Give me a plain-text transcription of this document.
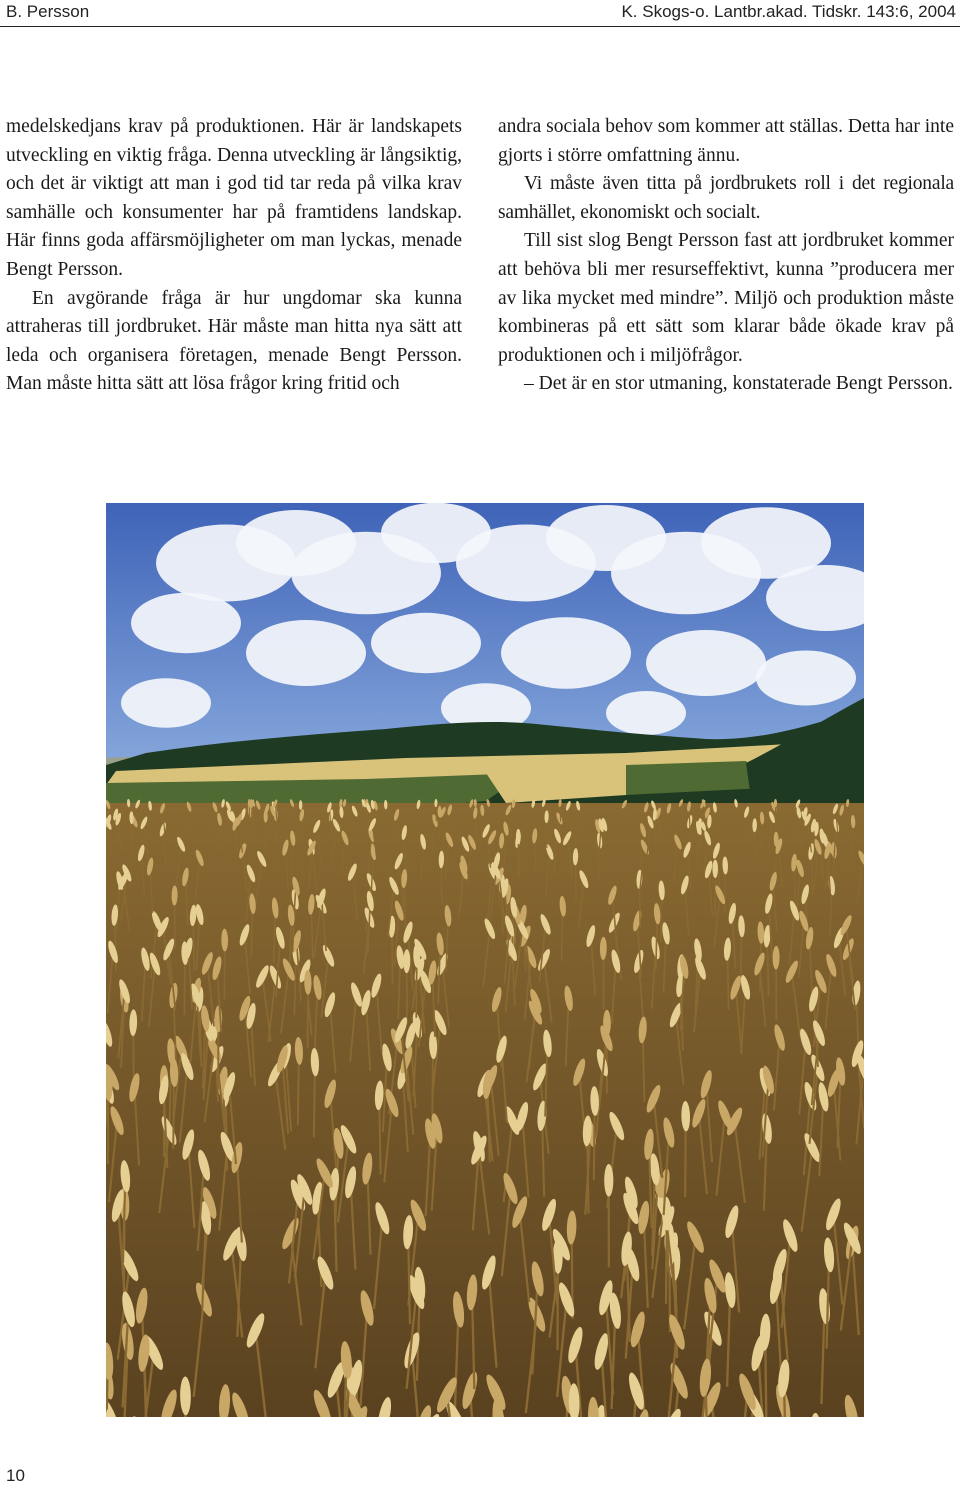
B. Persson	K. Skogs-o. Lantbr.akad. Tidskr. 143:6, 2004

medelskedjans krav på produktionen. Här är landskapets utveckling en viktig fråga. Denna utveckling är långsiktig, och det är viktigt att man i god tid tar reda på vilka krav samhälle och konsumenter har på framtidens landskap. Här finns goda affärsmöjligheter om man lyckas, menade Bengt Persson.

En avgörande fråga är hur ungdomar ska kunna attraheras till jordbruket. Här måste man hitta nya sätt att leda och organisera företagen, menade Bengt Persson. Man måste hitta sätt att lösa frågor kring fritid och

andra sociala behov som kommer att ställas. Detta har inte gjorts i större omfattning ännu.

Vi måste även titta på jordbrukets roll i det regionala samhället, ekonomiskt och socialt.

Till sist slog Bengt Persson fast att jordbruket kommer att behöva bli mer resurseffektivt, kunna ”producera mer av lika mycket med mindre”. Miljö och produktion måste kombineras på ett sätt som klarar både ökade krav på produktionen och i miljöfrågor.

– Det är en stor utmaning, konstaterade Bengt Persson.

10
